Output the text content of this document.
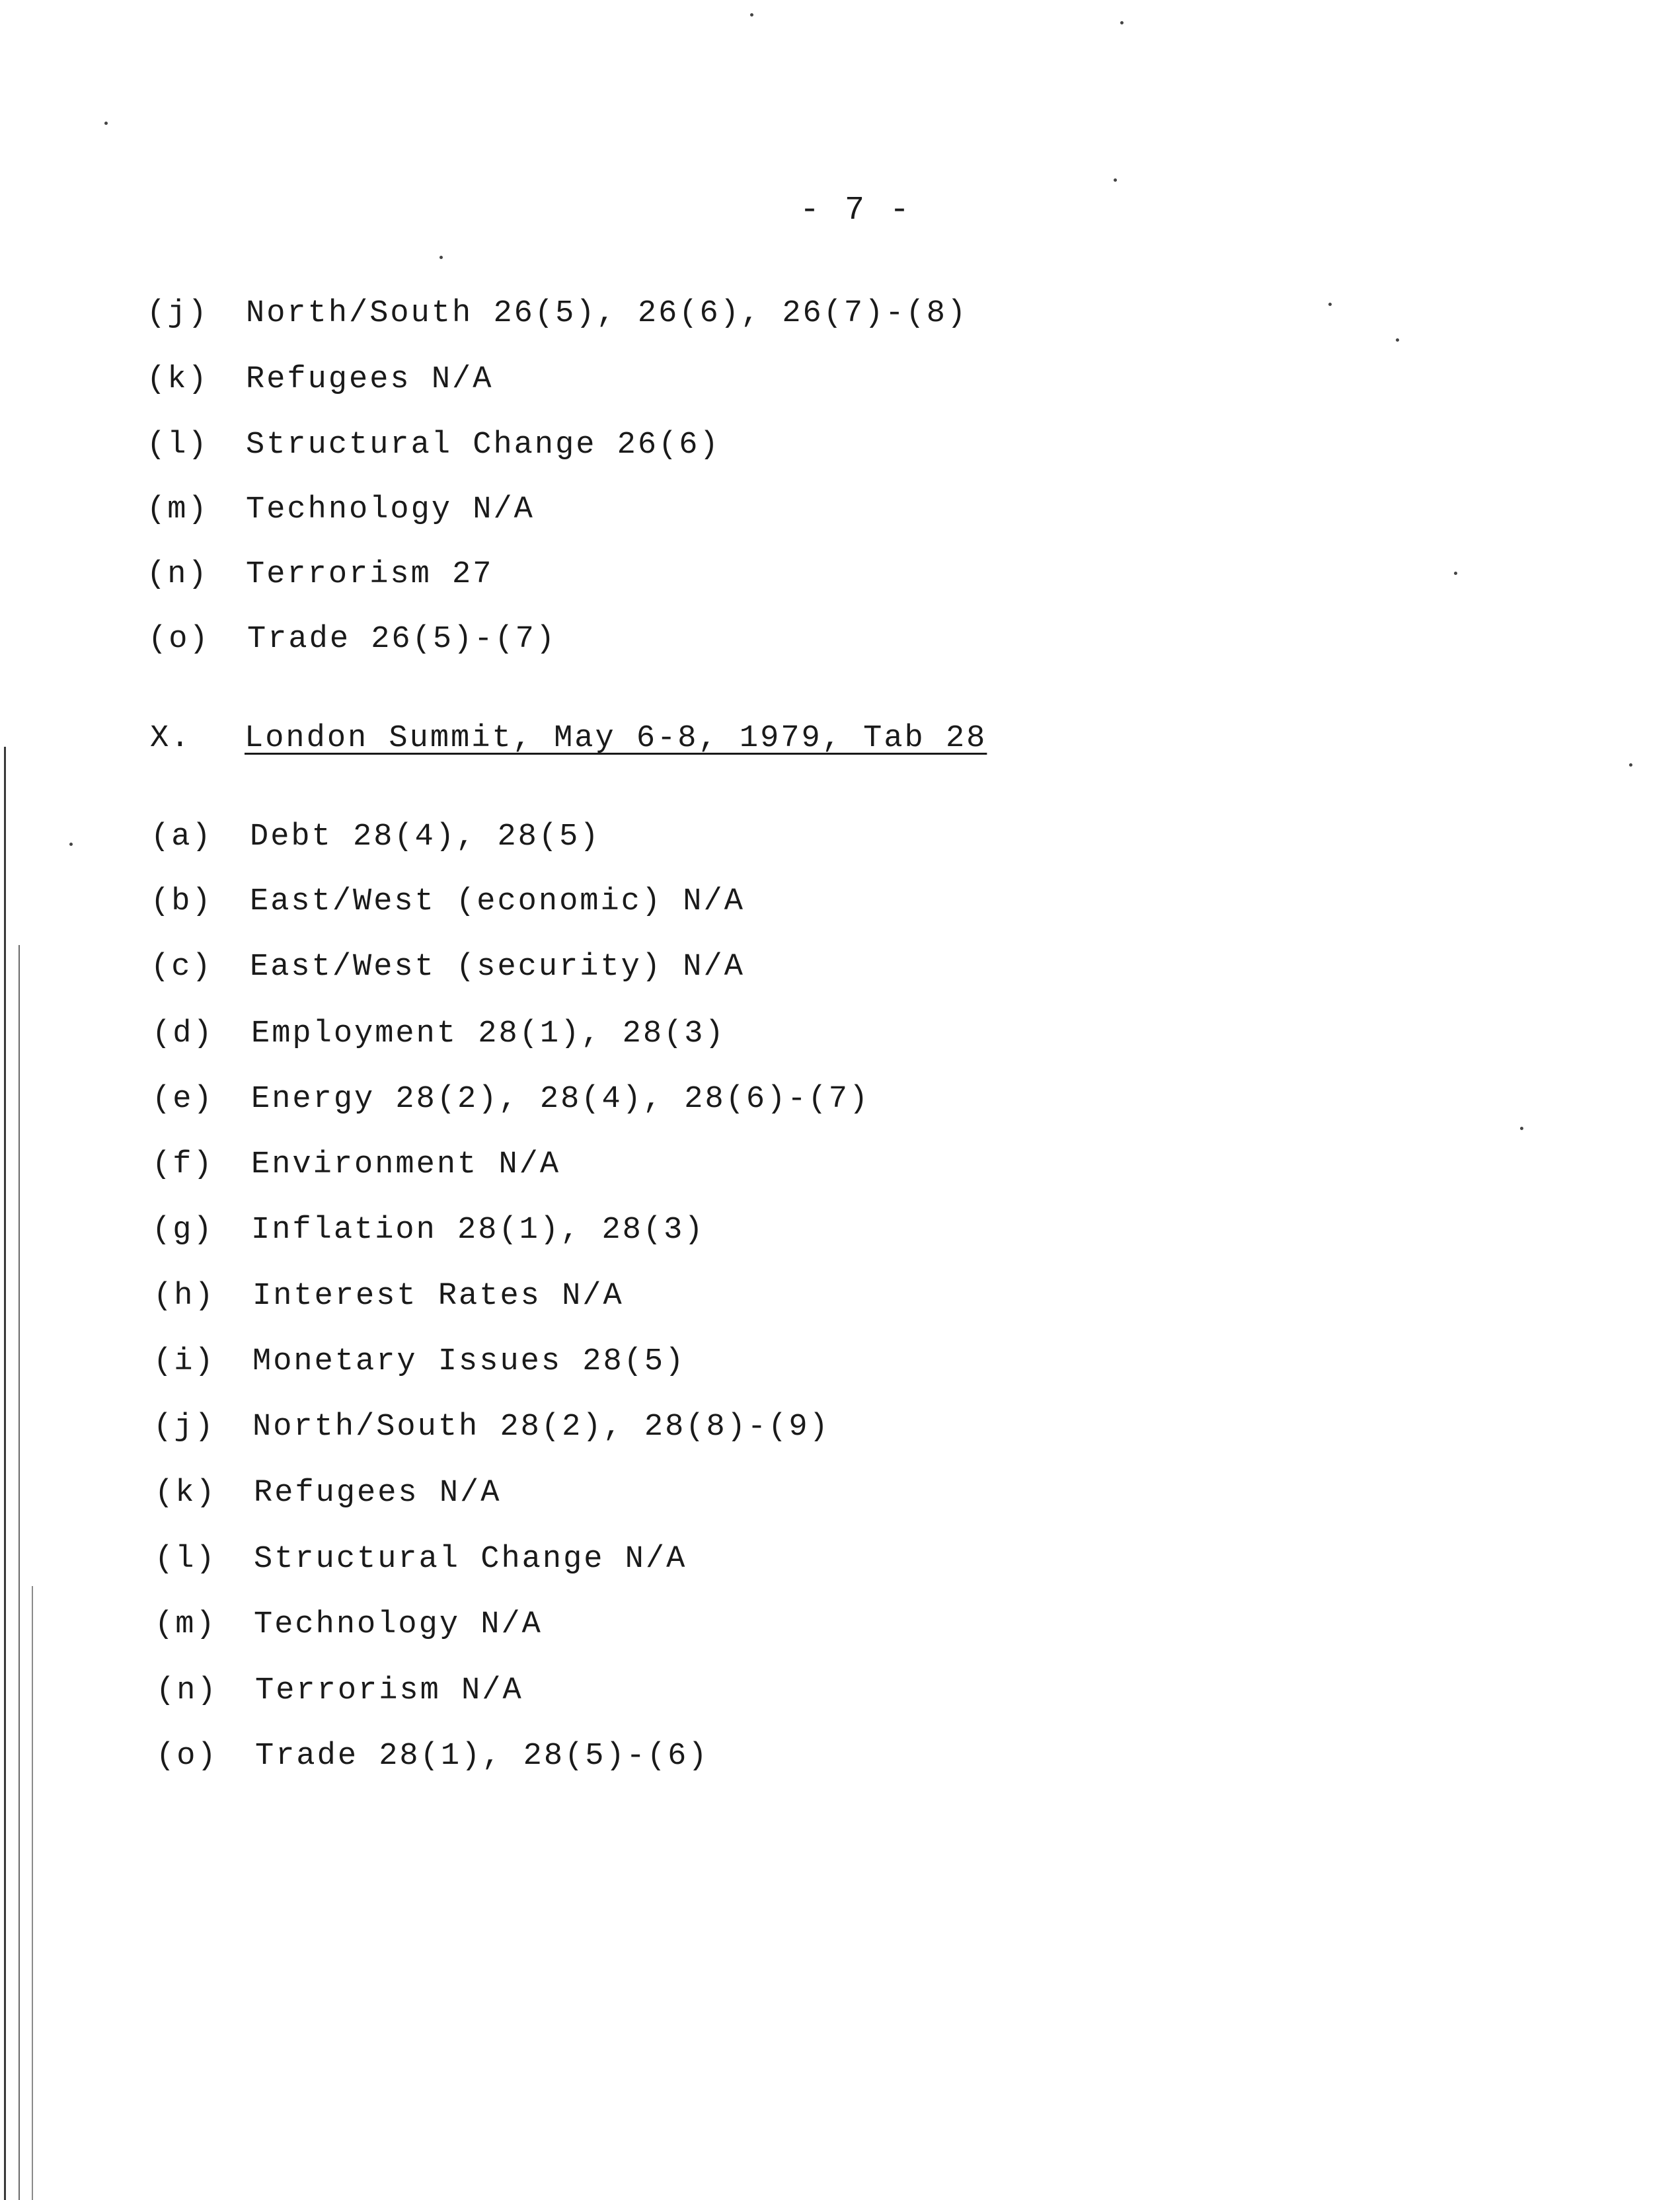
- 7 -
(j) North/South 26(5), 26(6), 26(7)-(8)
(k) Refugees N/A
(l) Structural Change 26(6)
(m) Technology N/A
(n) Terrorism 27
(o) Trade 26(5)-(7)
X. London Summit, May 6-8, 1979, Tab 28
(a) Debt 28(4), 28(5)
(b) East/West (economic) N/A
(c) East/West (security) N/A
(d) Employment 28(1), 28(3)
(e) Energy 28(2), 28(4), 28(6)-(7)
(f) Environment N/A
(g) Inflation 28(1), 28(3)
(h) Interest Rates N/A
(i) Monetary Issues 28(5)
(j) North/South 28(2), 28(8)-(9)
(k) Refugees N/A
(l) Structural Change N/A
(m) Technology N/A
(n) Terrorism N/A
(o) Trade 28(1), 28(5)-(6)
